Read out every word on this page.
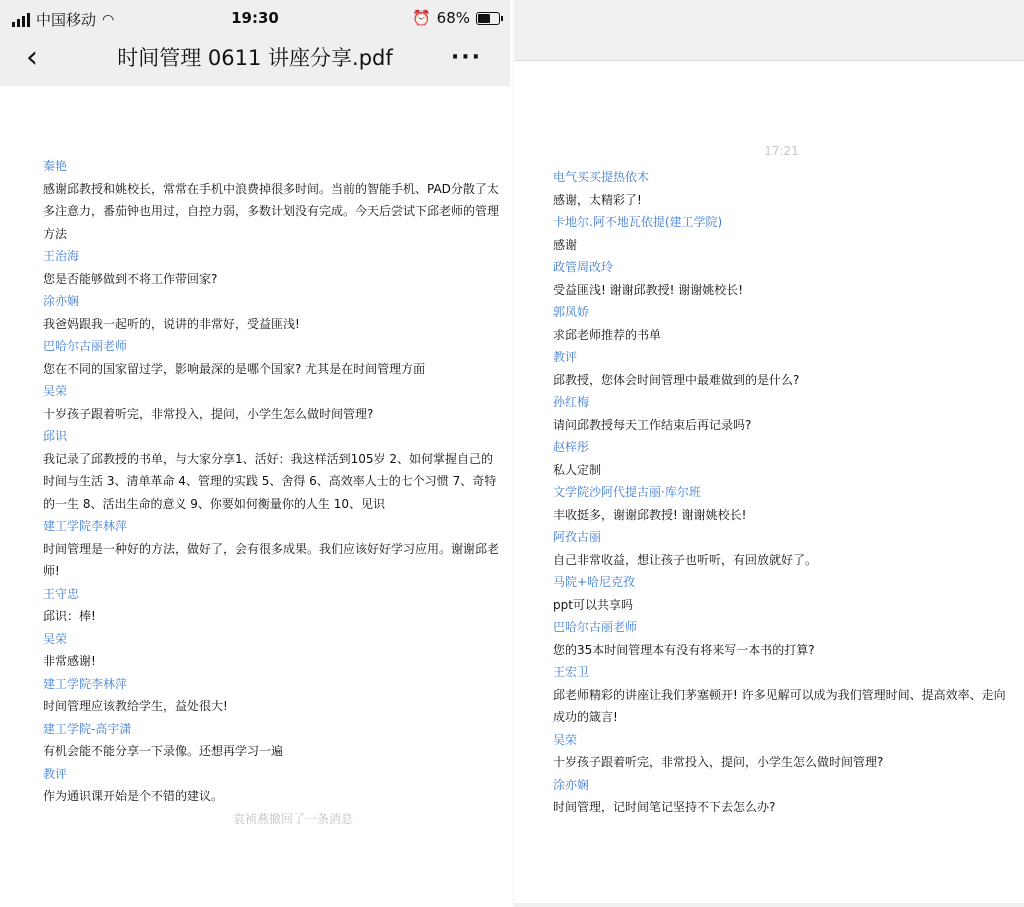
中国移动 ◠	19:30	⏰ 68%
‹	时间管理 0611 讲座分享.pdf	···
秦艳
感谢邱教授和姚校长，常常在手机中浪费掉很多时间。当前的智能手机、PAD分散了太多注意力，番茄钟也用过，自控力弱，多数计划没有完成。今天后尝试下邱老师的管理方法
王治海
您是否能够做到不将工作带回家?
涂亦娴
我爸妈跟我一起听的，说讲的非常好，受益匪浅!
巴哈尔古丽老师
您在不同的国家留过学，影响最深的是哪个国家? 尤其是在时间管理方面
吴荣
十岁孩子跟着听完，非常投入，提问，小学生怎么做时间管理?
邱识
我记录了邱教授的书单，与大家分享1、活好：我这样活到105岁 2、如何掌握自己的时间与生活 3、清单革命 4、管理的实践 5、舍得 6、高效率人士的七个习惯 7、奇特的一生 8、活出生命的意义 9、你要如何衡量你的人生 10、见识
建工学院李林萍
时间管理是一种好的方法，做好了，会有很多成果。我们应该好好学习应用。谢谢邱老师!
王守忠
邱识：棒!
吴荣
非常感谢!
建工学院李林萍
时间管理应该教给学生，益处很大!
建工学院-高宇潇
有机会能不能分享一下录像。还想再学习一遍
教评
作为通识课开始是个不错的建议。
袁祯燕撤回了一条消息
17:21
电气买买提热依木
感谢，太精彩了!
卡地尔.阿不地瓦依提(建工学院)
感谢
政管周改玲
受益匪浅! 谢谢邱教授! 谢谢姚校长!
郭凤娇
求邱老师推荐的书单
教评
邱教授，您体会时间管理中最难做到的是什么?
孙红梅
请问邱教授每天工作结束后再记录吗?
赵梓彤
私人定制
文学院沙阿代提古丽·库尔班
丰收挺多，谢谢邱教授! 谢谢姚校长!
阿孜古丽
自己非常收益，想让孩子也听听，有回放就好了。
马院+哈尼克孜
ppt可以共享吗
巴哈尔古丽老师
您的35本时间管理本有没有将来写一本书的打算?
王宏卫
邱老师精彩的讲座让我们茅塞顿开! 许多见解可以成为我们管理时间、提高效率、走向成功的箴言!
吴荣
十岁孩子跟着听完，非常投入，提问，小学生怎么做时间管理?
涂亦娴
时间管理，记时间笔记坚持不下去怎么办?
